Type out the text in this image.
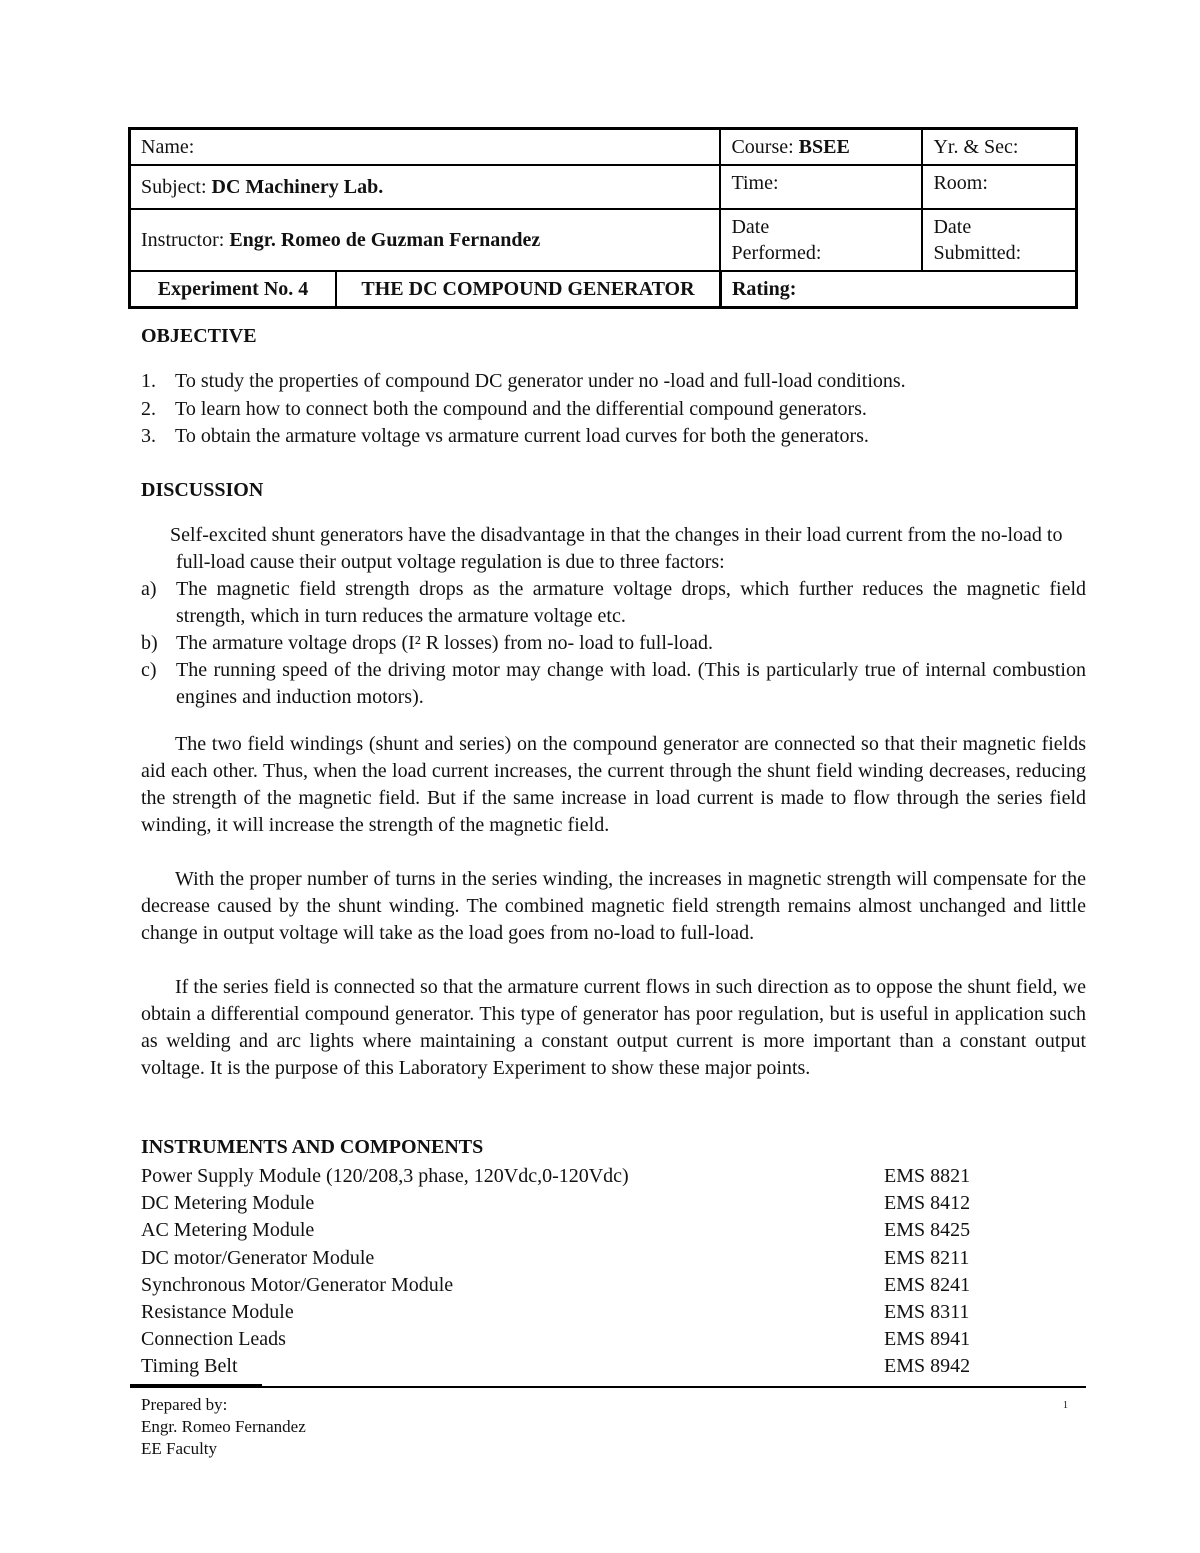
Name:		Course: BSEE	Yr. & Sec:
Subject: DC Machinery Lab.		Time:	Room:
Instructor: Engr. Romeo de Guzman Fernandez		Date Performed:	Date Submitted:

Experiment No. 4	THE DC COMPOUND GENERATOR	Rating:	
OBJECTIVE
1. To study the properties of compound DC generator under no -load and full-load conditions.
2. To learn how to connect both the compound and the differential compound generators.
3. To obtain the armature voltage vs armature current load curves for both the generators.
DISCUSSION
Self-excited shunt generators have the disadvantage in that the changes in their load current from the no-load to full-load cause their output voltage regulation is due to three factors:
a) The magnetic field strength drops as the armature voltage drops, which further reduces the magnetic field strength, which in turn reduces the armature voltage etc.
b) The armature voltage drops (I² R losses) from no- load to full-load.
c) The running speed of the driving motor may change with load. (This is particularly true of internal combustion engines and induction motors).

The two field windings (shunt and series) on the compound generator are connected so that their magnetic fields aid each other. Thus, when the load current increases, the current through the shunt field winding decreases, reducing the strength of the magnetic field. But if the same increase in load current is made to flow through the series field winding, it will increase the strength of the magnetic field.

With the proper number of turns in the series winding, the increases in magnetic strength will compensate for the decrease caused by the shunt winding. The combined magnetic field strength remains almost unchanged and little change in output voltage will take as the load goes from no-load to full-load.

If the series field is connected so that the armature current flows in such direction as to oppose the shunt field, we obtain a differential compound generator. This type of generator has poor regulation, but is useful in application such as welding and arc lights where maintaining a constant output current is more important than a constant output voltage. It is the purpose of this Laboratory Experiment to show these major points.

INSTRUMENTS AND COMPONENTS
Power Supply Module (120/208,3 phase, 120Vdc,0-120Vdc)	EMS 8821
DC Metering Module	EMS 8412
AC Metering Module	EMS 8425
DC motor/Generator Module	EMS 8211
Synchronous Motor/Generator Module	EMS 8241
Resistance Module	EMS 8311
Connection Leads	EMS 8941
Timing Belt	EMS 8942
Prepared by:
Engr. Romeo Fernandez
EE Faculty
1
